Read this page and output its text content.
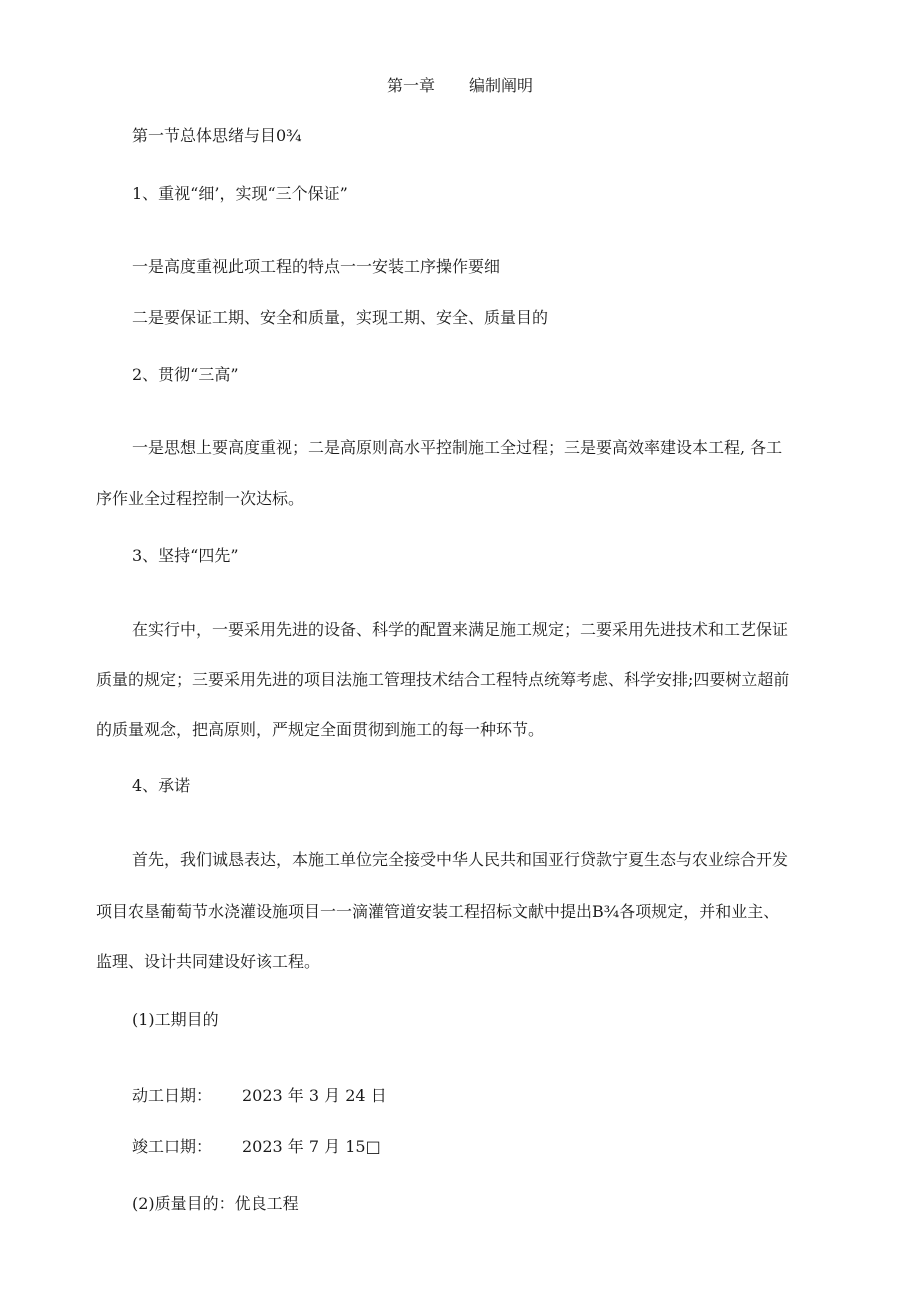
第一章 编制阐明
第一节总体思绪与目0¾
1、重视“细’，实现“三个保证”
一是高度重视此项工程的特点一一安装工序操作要细
二是要保证工期、安全和质量，实现工期、安全、质量目的
2、贯彻“三高”
一是思想上要高度重视；二是高原则高水平控制施工全过程；三是要高效率建设本工程, 各工
序作业全过程控制一次达标。
3、坚持“四先”
在实行中，一要采用先进的设备、科学的配置来满足施工规定；二要采用先进技术和工艺保证
质量的规定；三要采用先进的项目法施工管理技术结合工程特点统筹考虑、科学安排;四要树立超前
的质量观念，把高原则，严规定全面贯彻到施工的每一种环节。
4、承诺
首先，我们诚恳表达，本施工单位完全接受中华人民共和国亚行贷款宁夏生态与农业综合开发
项目农垦葡萄节水浇灌设施项目一一滴灌管道安装工程招标文献中提出B¾各项规定，并和业主、
监理、设计共同建设好该工程。
(1)工期目的
动工日期： 2023 年 3 月 24 日
竣工口期： 2023 年 7 月 15□
(2)质量目的：优良工程
